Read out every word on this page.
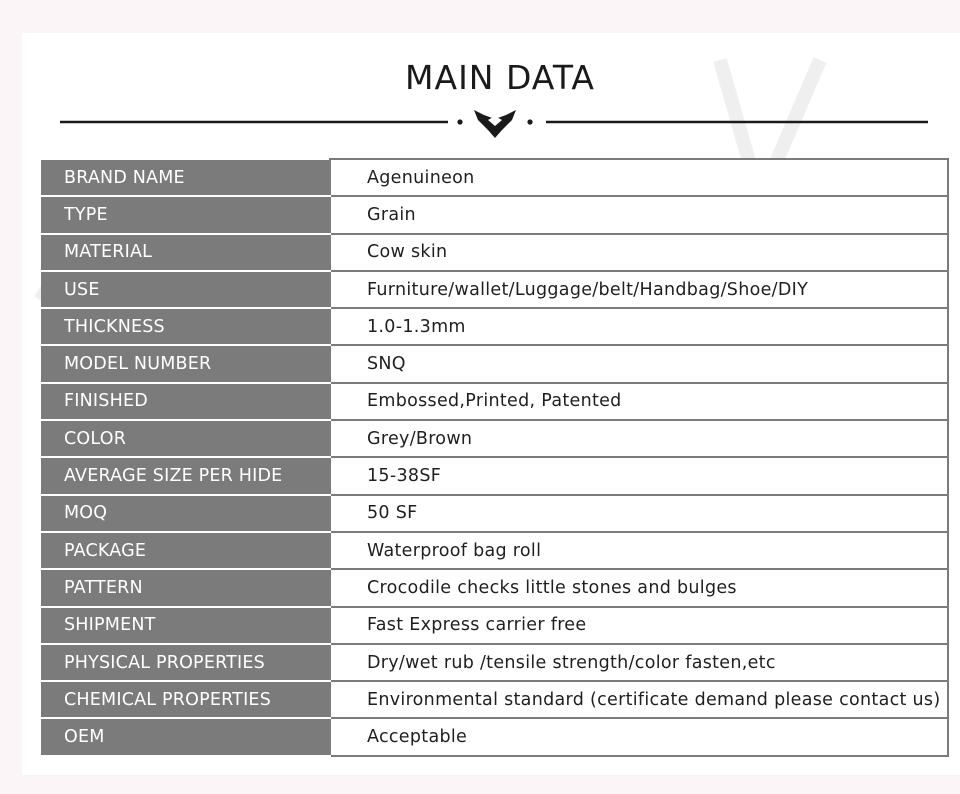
MAIN DATA
BRAND NAME	Agenuineon

TYPE	Grain

MATERIAL	Cow skin

USE	Furniture/wallet/Luggage/belt/Handbag/Shoe/DIY

THICKNESS	1.0-1.3mm

MODEL NUMBER	SNQ

FINISHED	Embossed,Printed, Patented

COLOR	Grey/Brown

AVERAGE SIZE PER HIDE	15-38SF

MOQ	50 SF

PACKAGE	Waterproof bag roll

PATTERN	Crocodile checks little stones and bulges

SHIPMENT	Fast Express carrier free

PHYSICAL PROPERTIES	Dry/wet rub /tensile strength/color fasten,etc

CHEMICAL PROPERTIES	Environmental standard (certificate demand please contact us)

OEM	Acceptable
